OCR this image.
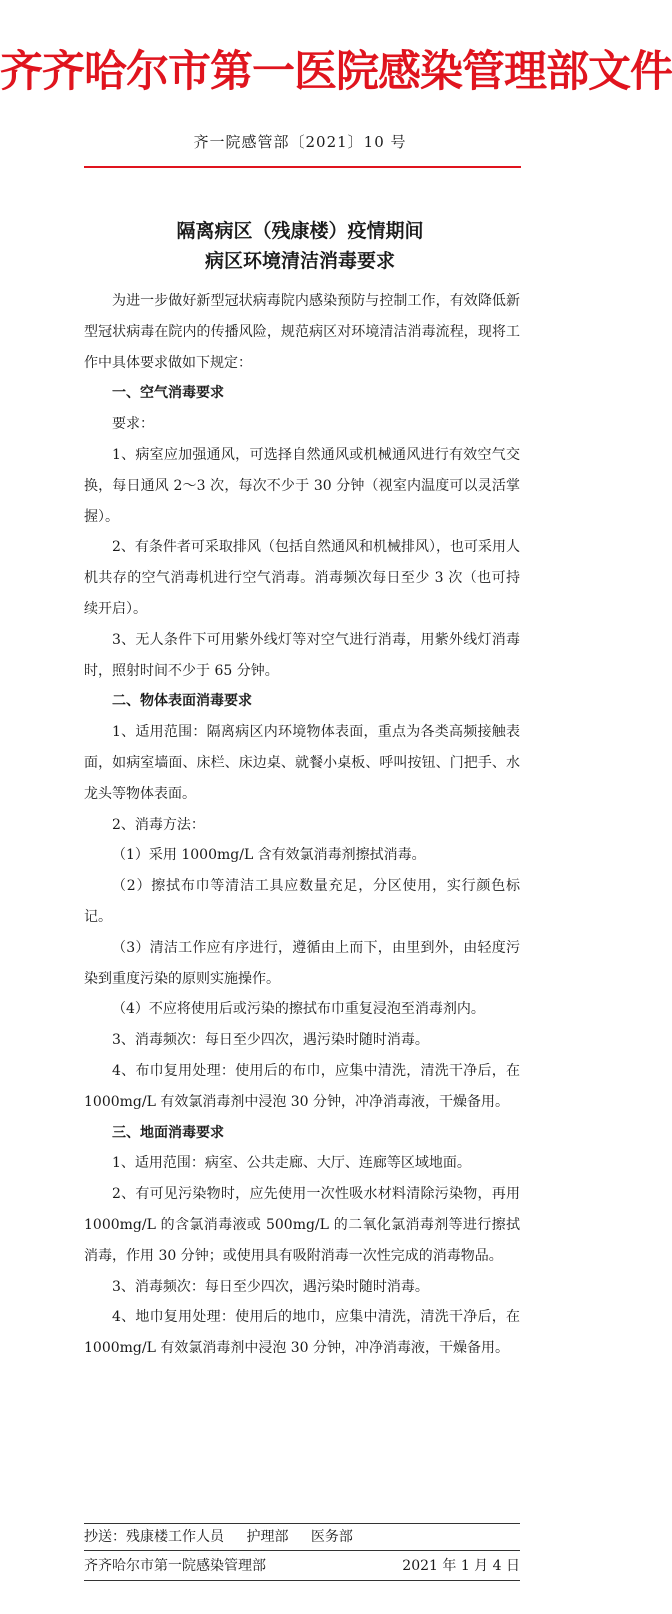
齐齐哈尔市第一医院感染管理部文件
齐一院感管部〔2021〕10 号
隔离病区（残康楼）疫情期间
病区环境清洁消毒要求

为进一步做好新型冠状病毒院内感染预防与控制工作，有效降低新型冠状病毒在院内的传播风险，规范病区对环境清洁消毒流程，现将工作中具体要求做如下规定：

一、空气消毒要求

要求：

1、病室应加强通风，可选择自然通风或机械通风进行有效空气交换，每日通风 2～3 次，每次不少于 30 分钟（视室内温度可以灵活掌握）。

2、有条件者可采取排风（包括自然通风和机械排风），也可采用人机共存的空气消毒机进行空气消毒。消毒频次每日至少 3 次（也可持续开启）。

3、无人条件下可用紫外线灯等对空气进行消毒，用紫外线灯消毒时，照射时间不少于 65 分钟。

二、物体表面消毒要求

1、适用范围：隔离病区内环境物体表面，重点为各类高频接触表面，如病室墙面、床栏、床边桌、就餐小桌板、呼叫按钮、门把手、水龙头等物体表面。

2、消毒方法：

（1）采用 1000mg/L 含有效氯消毒剂擦拭消毒。

（2）擦拭布巾等清洁工具应数量充足，分区使用，实行颜色标记。

（3）清洁工作应有序进行，遵循由上而下，由里到外，由轻度污染到重度污染的原则实施操作。

（4）不应将使用后或污染的擦拭布巾重复浸泡至消毒剂内。

3、消毒频次：每日至少四次，遇污染时随时消毒。

4、布巾复用处理：使用后的布巾，应集中清洗，清洗干净后，在 1000mg/L 有效氯消毒剂中浸泡 30 分钟，冲净消毒液，干燥备用。

三、地面消毒要求

1、适用范围：病室、公共走廊、大厅、连廊等区域地面。

2、有可见污染物时，应先使用一次性吸水材料清除污染物，再用 1000mg/L 的含氯消毒液或 500mg/L 的二氧化氯消毒剂等进行擦拭消毒，作用 30 分钟；或使用具有吸附消毒一次性完成的消毒物品。

3、消毒频次：每日至少四次，遇污染时随时消毒。

4、地巾复用处理：使用后的地巾，应集中清洗，清洗干净后，在 1000mg/L 有效氯消毒剂中浸泡 30 分钟，冲净消毒液，干燥备用。

抄送：残康楼工作人员 护理部 医务部
齐齐哈尔市第一院感染管理部	2021 年 1 月 4 日
